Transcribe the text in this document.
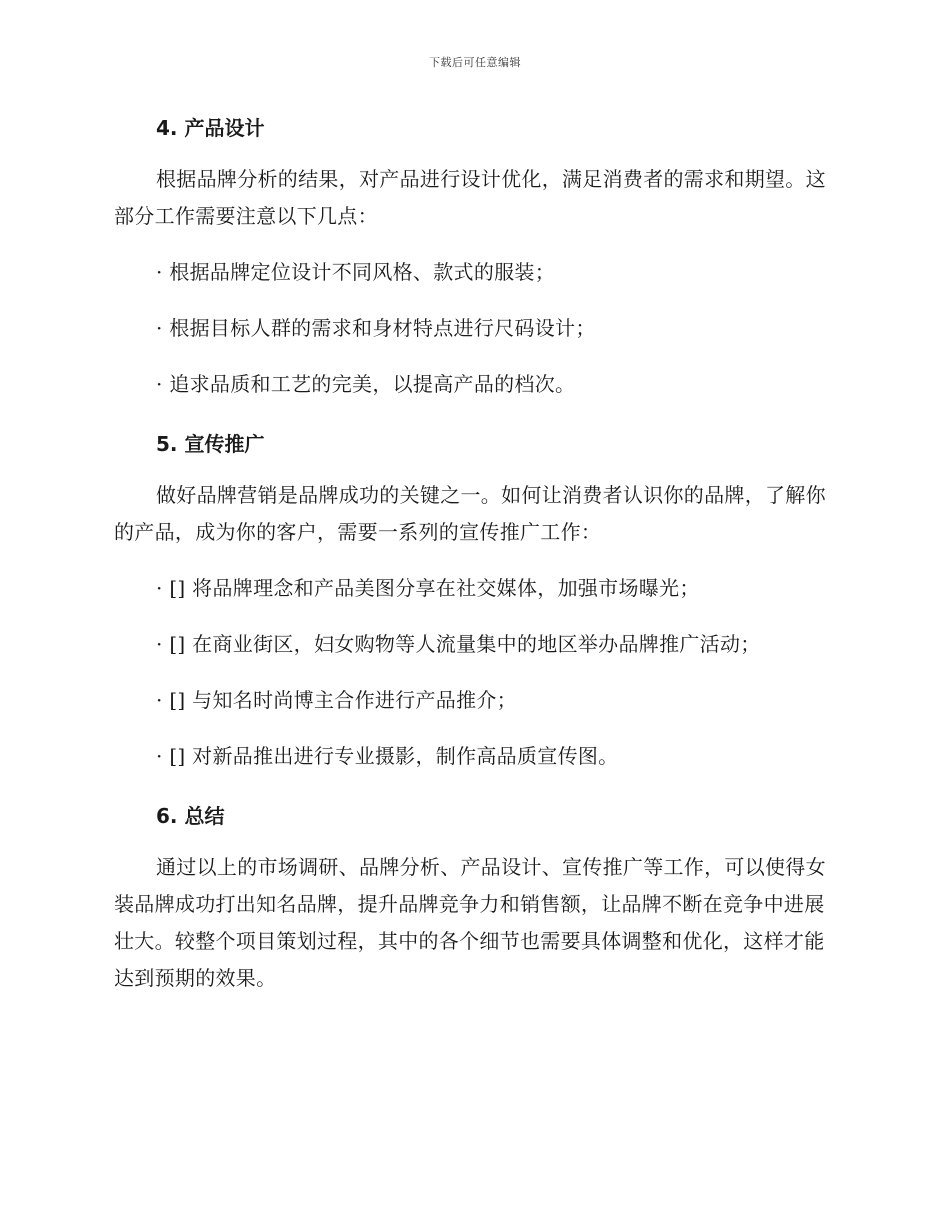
下载后可任意编辑
4. 产品设计

根据品牌分析的结果，对产品进行设计优化，满足消费者的需求和期望。这部分工作需要注意以下几点：

· 根据品牌定位设计不同风格、款式的服装；

· 根据目标人群的需求和身材特点进行尺码设计；

· 追求品质和工艺的完美，以提高产品的档次。

5. 宣传推广

做好品牌营销是品牌成功的关键之一。如何让消费者认识你的品牌，了解你的产品，成为你的客户，需要一系列的宣传推广工作：

· [] 将品牌理念和产品美图分享在社交媒体，加强市场曝光；

· [] 在商业街区，妇女购物等人流量集中的地区举办品牌推广活动；

· [] 与知名时尚博主合作进行产品推介；

· [] 对新品推出进行专业摄影，制作高品质宣传图。

6. 总结

通过以上的市场调研、品牌分析、产品设计、宣传推广等工作，可以使得女装品牌成功打出知名品牌，提升品牌竞争力和销售额，让品牌不断在竞争中进展壮大。较整个项目策划过程，其中的各个细节也需要具体调整和优化，这样才能达到预期的效果。
